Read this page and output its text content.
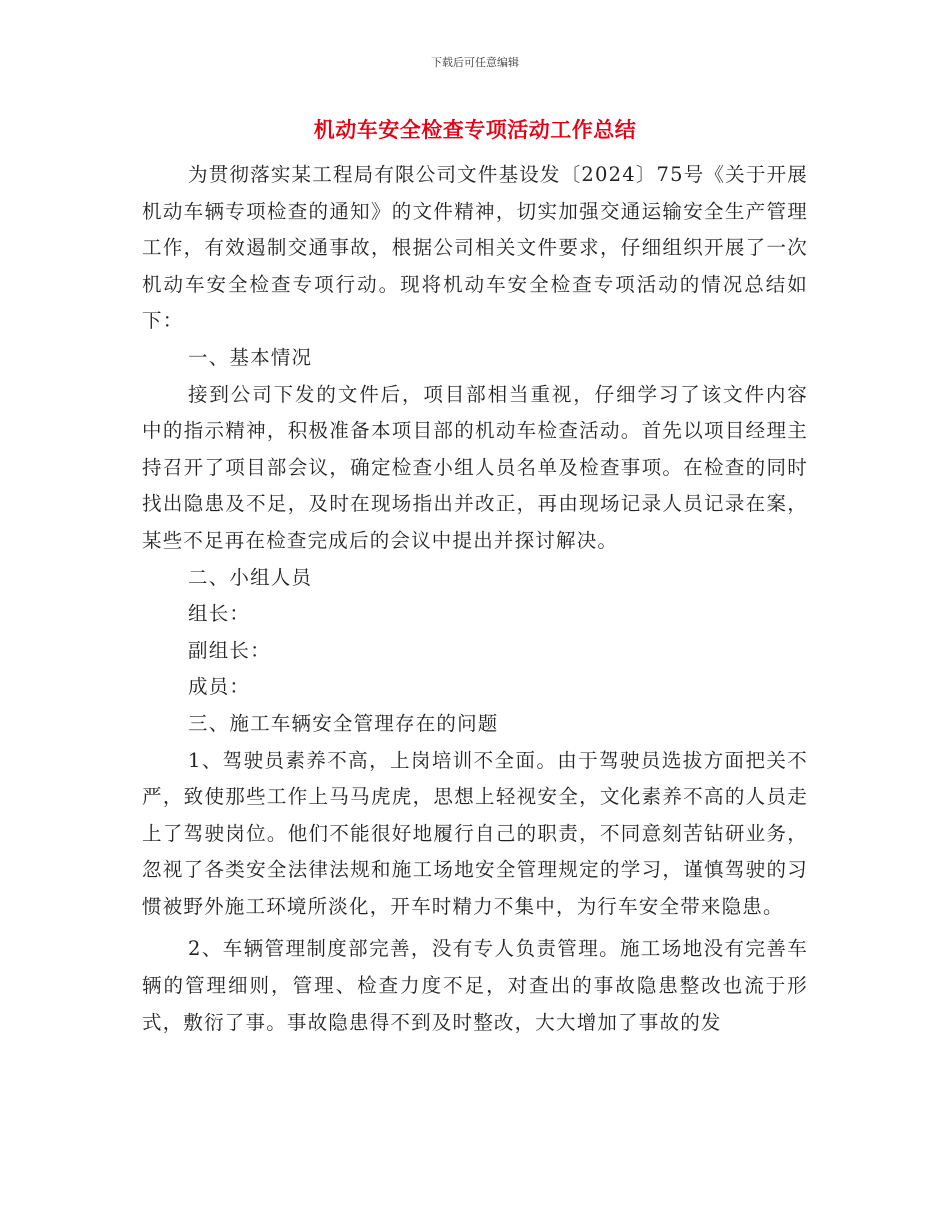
下载后可任意编辑
机动车安全检查专项活动工作总结

为贯彻落实某工程局有限公司文件基设发〔2024〕75号《关于开展机动车辆专项检查的通知》的文件精神，切实加强交通运输安全生产管理工作，有效遏制交通事故，根据公司相关文件要求，仔细组织开展了一次机动车安全检查专项行动。现将机动车安全检查专项活动的情况总结如下：

一、基本情况

接到公司下发的文件后，项目部相当重视，仔细学习了该文件内容中的指示精神，积极准备本项目部的机动车检查活动。首先以项目经理主持召开了项目部会议，确定检查小组人员名单及检查事项。在检查的同时找出隐患及不足，及时在现场指出并改正，再由现场记录人员记录在案，某些不足再在检查完成后的会议中提出并探讨解决。

二、小组人员

组长：

副组长：

成员：

三、施工车辆安全管理存在的问题

1、驾驶员素养不高，上岗培训不全面。由于驾驶员选拔方面把关不严，致使那些工作上马马虎虎，思想上轻视安全，文化素养不高的人员走上了驾驶岗位。他们不能很好地履行自己的职责，不同意刻苦钻研业务，忽视了各类安全法律法规和施工场地安全管理规定的学习，谨慎驾驶的习惯被野外施工环境所淡化，开车时精力不集中，为行车安全带来隐患。

2、车辆管理制度部完善，没有专人负责管理。施工场地没有完善车辆的管理细则，管理、检查力度不足，对查出的事故隐患整改也流于形式，敷衍了事。事故隐患得不到及时整改，大大增加了事故的发
